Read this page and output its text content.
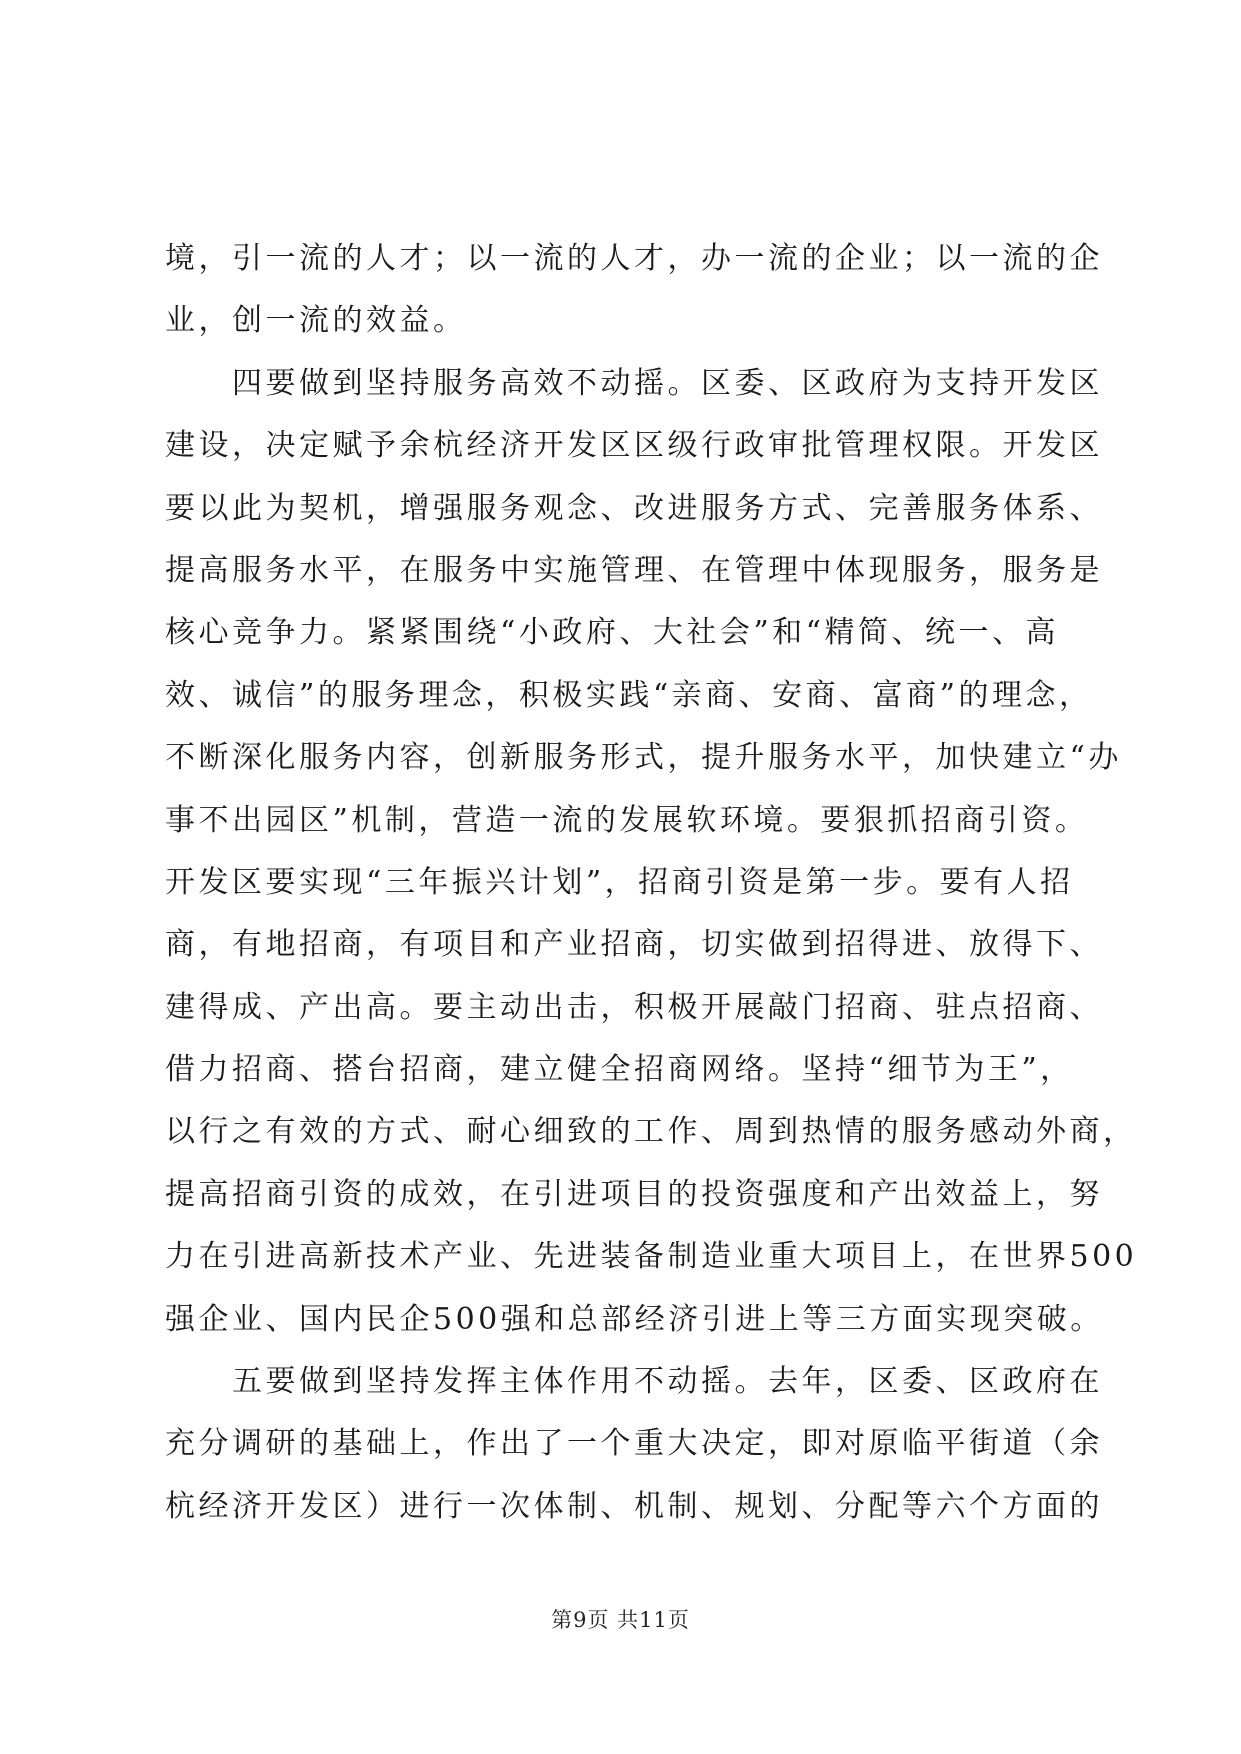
境，引一流的人才；以一流的人才，办一流的企业；以一流的企
业，创一流的效益。
　　四要做到坚持服务高效不动摇。区委、区政府为支持开发区
建设，决定赋予余杭经济开发区区级行政审批管理权限。开发区
要以此为契机，增强服务观念、改进服务方式、完善服务体系、
提高服务水平，在服务中实施管理、在管理中体现服务，服务是
核心竞争力。紧紧围绕“小政府、大社会”和“精简、统一、高
效、诚信”的服务理念，积极实践“亲商、安商、富商”的理念，
不断深化服务内容，创新服务形式，提升服务水平，加快建立“办
事不出园区”机制，营造一流的发展软环境。要狠抓招商引资。
开发区要实现“三年振兴计划”，招商引资是第一步。要有人招
商，有地招商，有项目和产业招商，切实做到招得进、放得下、
建得成、产出高。要主动出击，积极开展敲门招商、驻点招商、
借力招商、搭台招商，建立健全招商网络。坚持“细节为王”，
以行之有效的方式、耐心细致的工作、周到热情的服务感动外商，
提高招商引资的成效，在引进项目的投资强度和产出效益上，努
力在引进高新技术产业、先进装备制造业重大项目上，在世界500
强企业、国内民企500强和总部经济引进上等三方面实现突破。
　　五要做到坚持发挥主体作用不动摇。去年，区委、区政府在
充分调研的基础上，作出了一个重大决定，即对原临平街道（余
杭经济开发区）进行一次体制、机制、规划、分配等六个方面的
第9页 共11页
